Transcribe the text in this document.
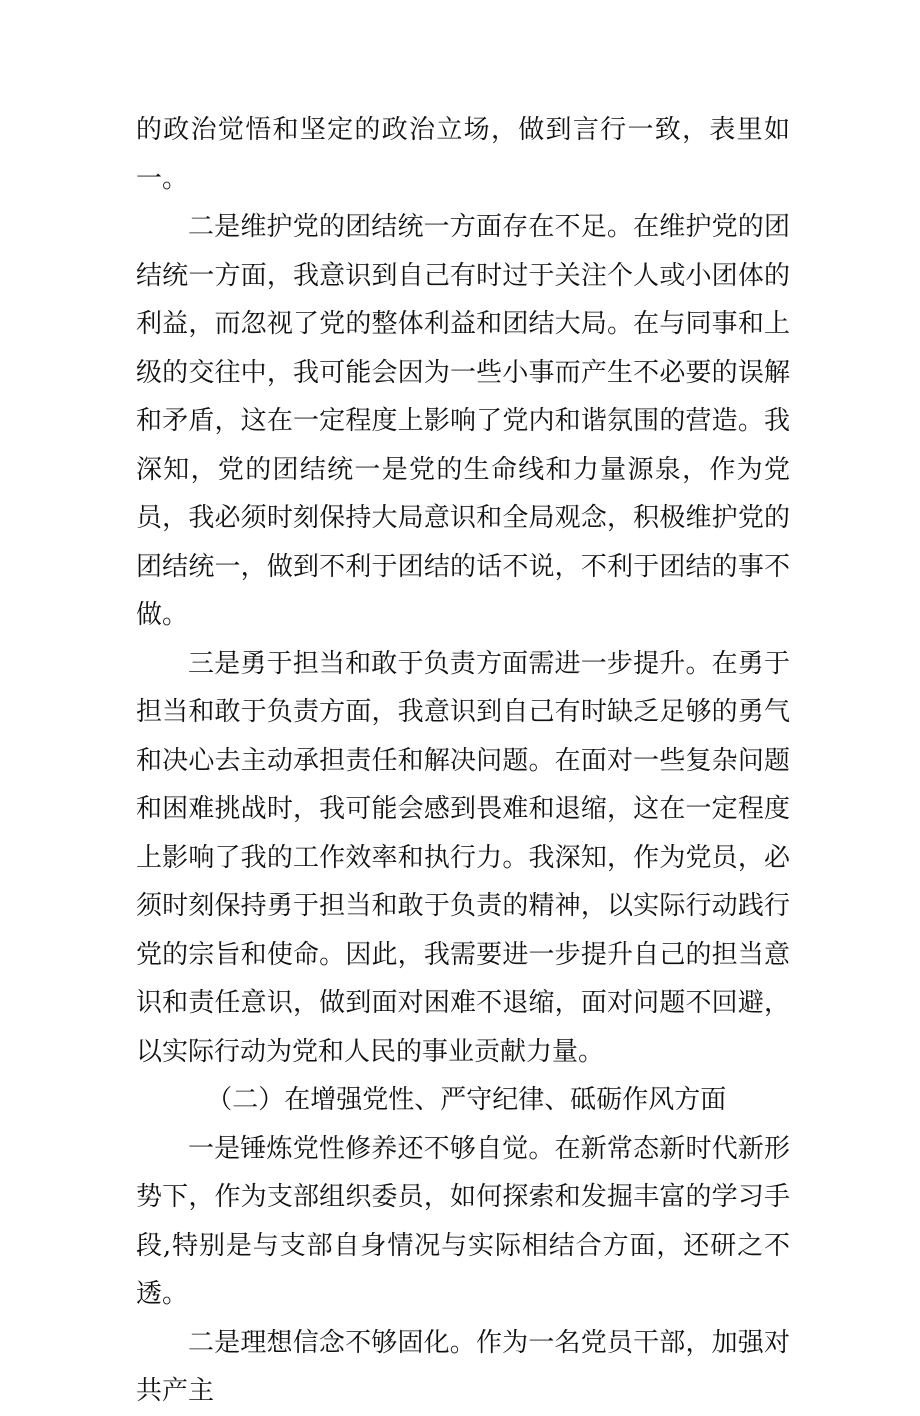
的政治觉悟和坚定的政治立场，做到言行一致，表里如一。

二是维护党的团结统一方面存在不足。在维护党的团结统一方面，我意识到自己有时过于关注个人或小团体的利益，而忽视了党的整体利益和团结大局。在与同事和上级的交往中，我可能会因为一些小事而产生不必要的误解和矛盾，这在一定程度上影响了党内和谐氛围的营造。我深知，党的团结统一是党的生命线和力量源泉，作为党员，我必须时刻保持大局意识和全局观念，积极维护党的团结统一，做到不利于团结的话不说，不利于团结的事不做。

三是勇于担当和敢于负责方面需进一步提升。在勇于担当和敢于负责方面，我意识到自己有时缺乏足够的勇气和决心去主动承担责任和解决问题。在面对一些复杂问题和困难挑战时，我可能会感到畏难和退缩，这在一定程度上影响了我的工作效率和执行力。我深知，作为党员，必须时刻保持勇于担当和敢于负责的精神，以实际行动践行党的宗旨和使命。因此，我需要进一步提升自己的担当意识和责任意识，做到面对困难不退缩，面对问题不回避，以实际行动为党和人民的事业贡献力量。

（二）在增强党性、严守纪律、砥砺作风方面

一是锤炼党性修养还不够自觉。在新常态新时代新形势下，作为支部组织委员，如何探索和发掘丰富的学习手段,特别是与支部自身情况与实际相结合方面，还研之不透。

二是理想信念不够固化。作为一名党员干部，加强对共产主
